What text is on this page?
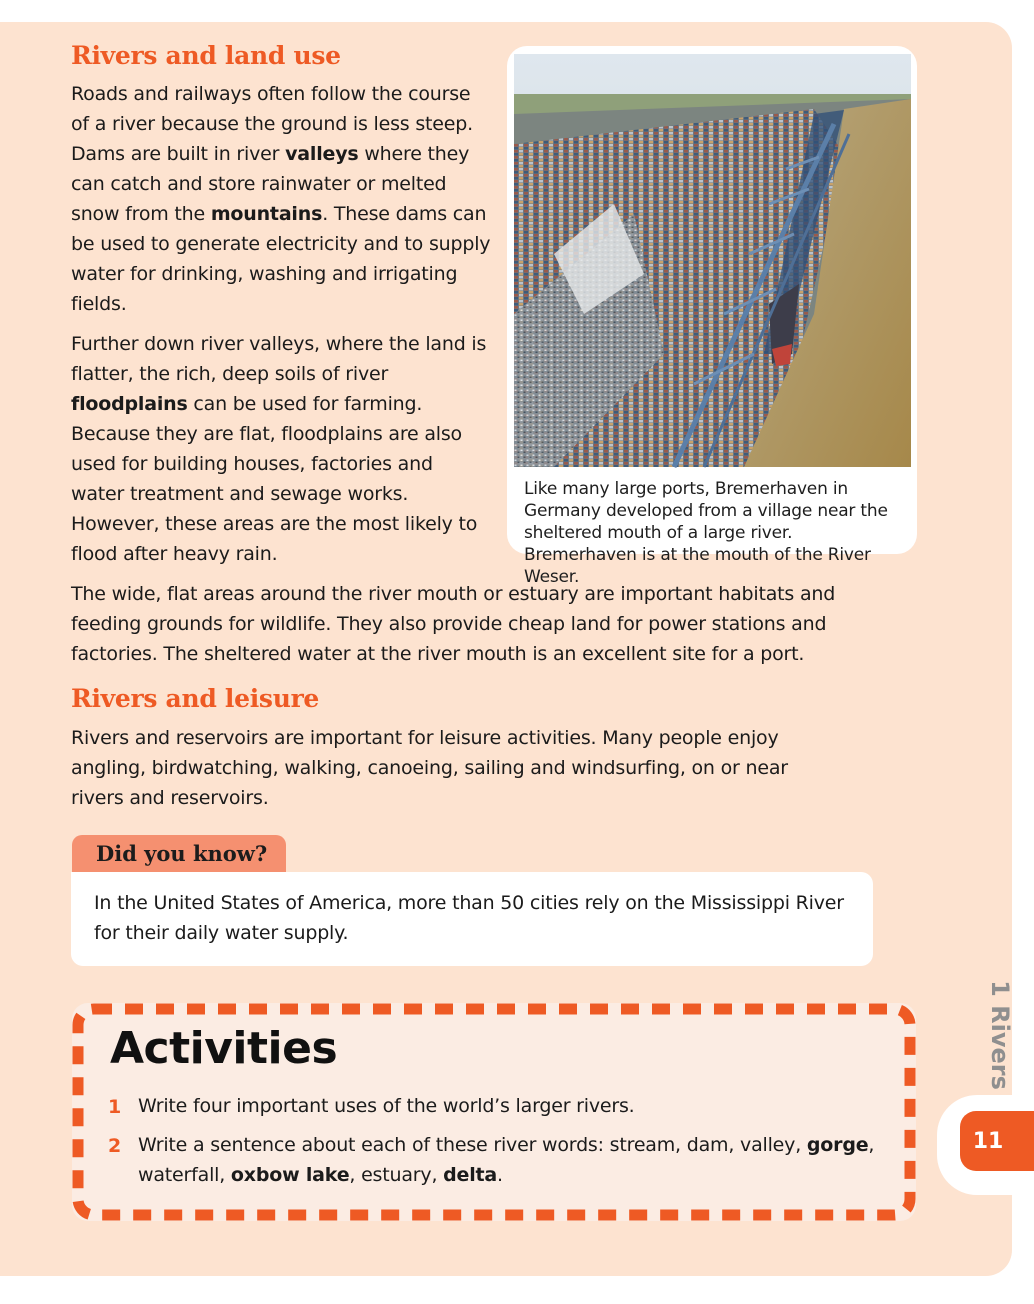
Rivers and land use

Roads and railways often follow the course of a river because the ground is less steep. Dams are built in river valleys where they can catch and store rainwater or melted snow from the mountains. These dams can be used to generate electricity and to supply water for drinking, washing and irrigating fields.

Further down river valleys, where the land is flatter, the rich, deep soils of river floodplains can be used for farming. Because they are flat, floodplains are also used for building houses, factories and water treatment and sewage works. However, these areas are the most likely to flood after heavy rain.

Like many large ports, Bremerhaven in Germany developed from a village near the sheltered mouth of a large river. Bremerhaven is at the mouth of the River Weser.

The wide, flat areas around the river mouth or estuary are important habitats and feeding grounds for wildlife. They also provide cheap land for power stations and factories. The sheltered water at the river mouth is an excellent site for a port.

Rivers and leisure

Rivers and reservoirs are important for leisure activities. Many people enjoy angling, birdwatching, walking, canoeing, sailing and windsurfing, on or near rivers and reservoirs.

Did you know?

In the United States of America, more than 50 cities rely on the Mississippi River for their daily water supply.

Activities

1 Write four important uses of the world’s larger rivers.

2 Write a sentence about each of these river words: stream, dam, valley, gorge, waterfall, oxbow lake, estuary, delta.

1 Rivers
11
